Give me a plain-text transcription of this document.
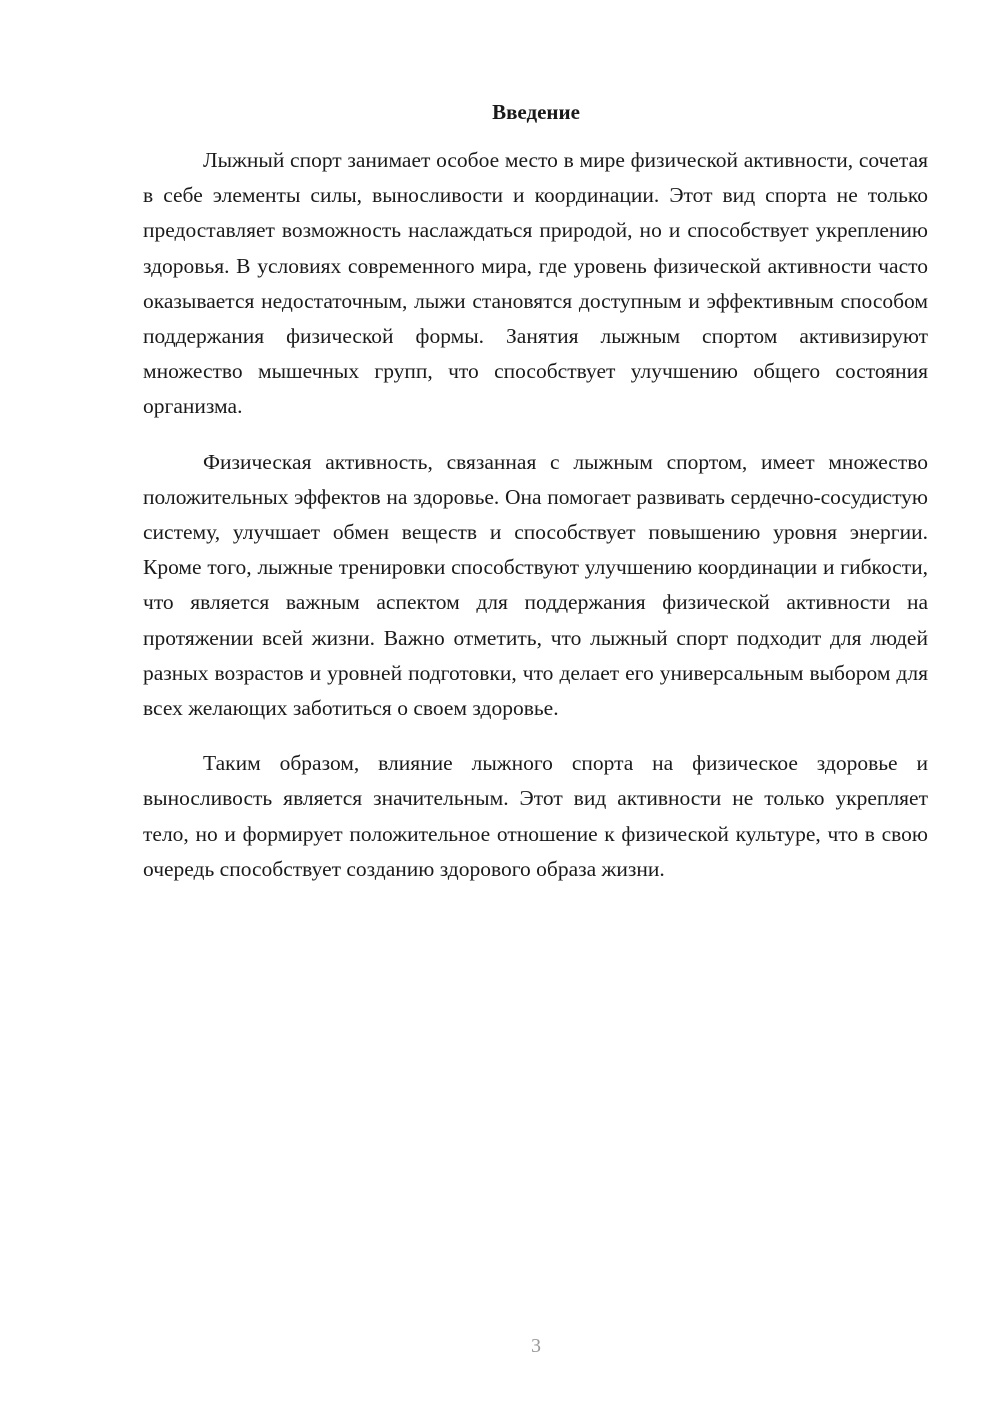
Введение

Лыжный спорт занимает особое место в мире физической активности, сочетая в себе элементы силы, выносливости и координации. Этот вид спорта не только предоставляет возможность наслаждаться природой, но и способствует укреплению здоровья. В условиях современного мира, где уровень физической активности часто оказывается недостаточным, лыжи становятся доступным и эффективным способом поддержания физической формы. Занятия лыжным спортом активизируют множество мышечных групп, что способствует улучшению общего состояния организма.

Физическая активность, связанная с лыжным спортом, имеет множество положительных эффектов на здоровье. Она помогает развивать сердечно-сосудистую систему, улучшает обмен веществ и способствует повышению уровня энергии. Кроме того, лыжные тренировки способствуют улучшению координации и гибкости, что является важным аспектом для поддержания физической активности на протяжении всей жизни. Важно отметить, что лыжный спорт подходит для людей разных возрастов и уровней подготовки, что делает его универсальным выбором для всех желающих заботиться о своем здоровье.

Таким образом, влияние лыжного спорта на физическое здоровье и выносливость является значительным. Этот вид активности не только укрепляет тело, но и формирует положительное отношение к физической культуре, что в свою очередь способствует созданию здорового образа жизни.

3
